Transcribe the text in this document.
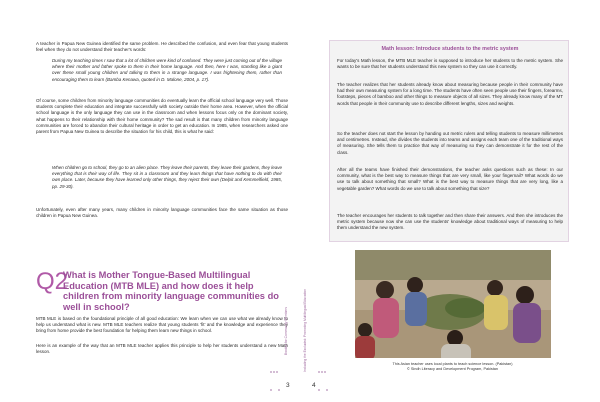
A teacher in Papua New Guinea identified the same problem. He described the confusion, and even fear that young students feel when they do not understand their teacher's words:

During my teaching times I saw that a lot of children were kind of confused. They were just coming out of the village where their mother and father spoke to them in their home language. And then, here I was, standing like a giant over these small young children and talking to them in a strange language. I was frightening them, rather than encouraging them to learn (Bamba Kenawa, quoted in D. Malone, 2004, p. 17).

Of course, some children from minority language communities do eventually learn the official school language very well. Those students complete their education and integrate successfully with society outside their home area. However, when the official school language is the only language they can use in the classroom and when lessons focus only on the dominant society, what happens to their relationship with their home community? The sad result is that many children from minority language communities are forced to abandon their cultural heritage in order to get an education. In 1985, when researchers asked one parent from Papua New Guinea to describe the situation for his child, this is what he said:

When children go to school, they go to an alien place. They leave their parents, they leave their gardens, they leave everything that is their way of life. They sit in a classroom and they learn things that have nothing to do with their own place. Later, because they have learned only other things, they reject their own (Delpit and Kemmelfield, 1985, pp. 29-30).

Unfortunately, even after many years, many children in minority language communities face the same situation as those children in Papua New Guinea.

Q2
What is Mother Tongue-Based Multilingual Education (MTB MLE) and how does it help children from minority language communities do well in school?

MTB MLE is based on the foundational principle of all good education: We learn when we can use what we already know to help us understand what is new. MTB MLE teachers realize that young students ‘fit’ and the knowledge and experience they bring from home provide the best foundation for helping them learn new things in school.

Here is an example of the way that an MTB MLE teacher applies this principle to help her students understand a new Math lesson.

	Booklet for Community Members
3
Math lesson: Introduce students to the metric system

For today's Math lesson, the MTB MLE teacher is supposed to introduce her students to the metric system. She wants to be sure that her students understand this new system so they can use it correctly.

The teacher realizes that her students already know about measuring because people in their community have had their own measuring system for a long time. The students have often seen people use their fingers, forearms, footsteps, pieces of bamboo and other things to measure objects of all sizes. They already know many of the MT words that people in their community use to describe different lengths, sizes and weights.

So the teacher does not start the lesson by handing out metric rulers and telling students to measure millimetres and centimetres. Instead, she divides the students into teams and assigns each team one of the traditional ways of measuring. She tells them to practice that way of measuring so they can demonstrate it for the rest of the class.

After all the teams have finished their demonstrations, the teacher asks questions such as these: In our community, what is the best way to measure things that are very small, like your fingernail? What words do we use to talk about something that small? What is the best way to measure things that are very long, like a vegetable garden? What words do we use to talk about something that size?

The teacher encourages her students to talk together and then share their answers. And then she introduces the metric system because now she can use the students' knowledge about traditional ways of measuring to help them understand the new system.

This Asian teacher uses local plants to teach science lesson. (Pakistan)
© Sindh Literacy and Development Program, Pakistan

Including the Excluded: Promoting Multilingual Education
4
